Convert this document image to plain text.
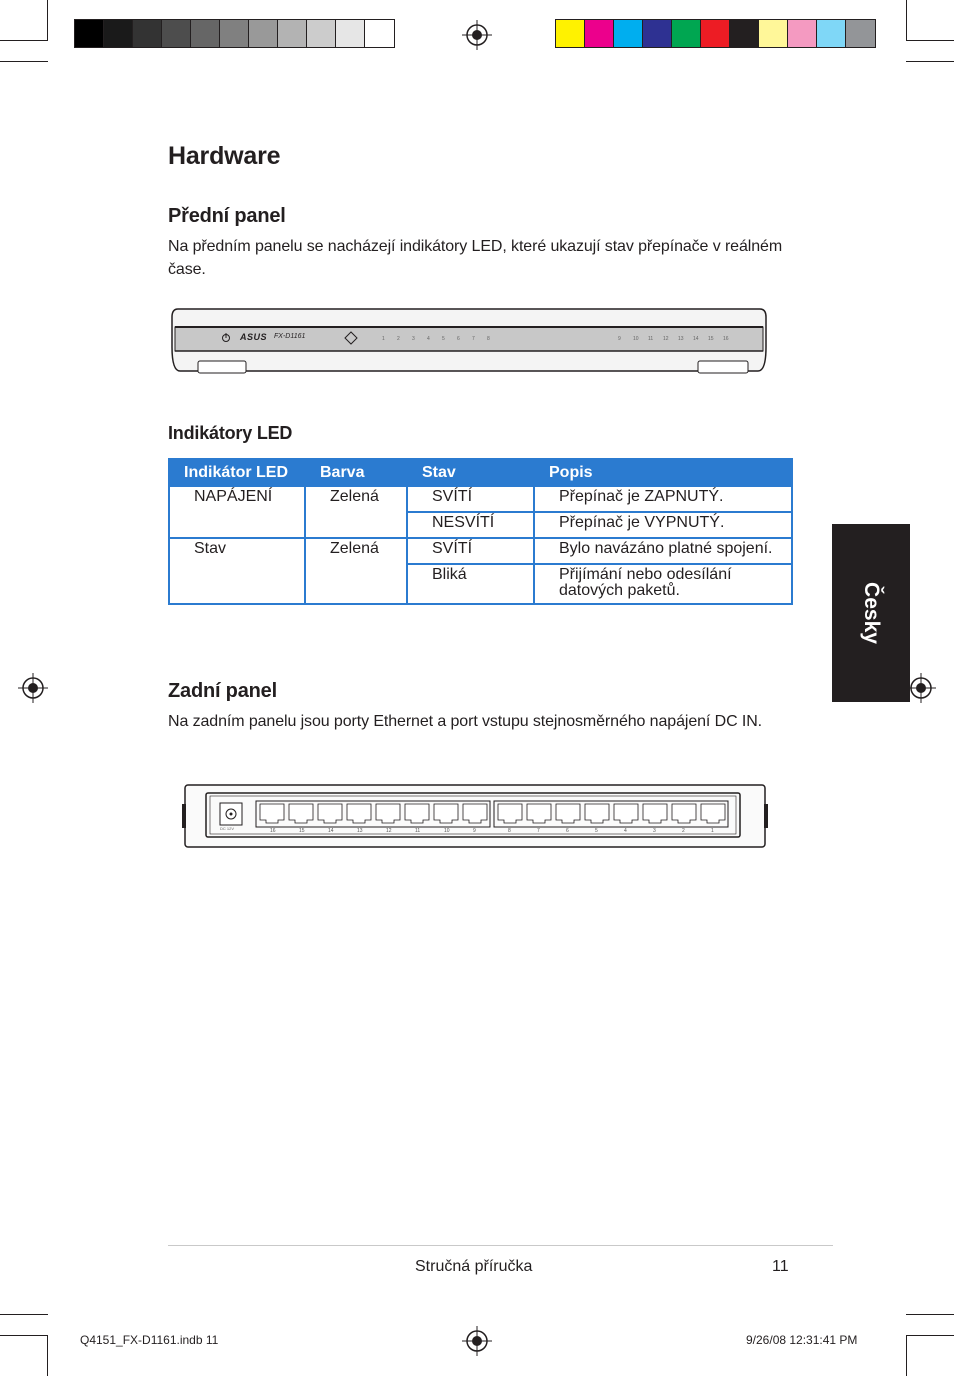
Hardware
Přední panel

Na předním panelu se nacházejí indikátory LED, které ukazují stav přepínače v reálném čase.

ASUS FX-D1161	1	2	3	4	5	6	7	8	9	10 11 12 13 14 15 16
Indikátory LED
Indikátor LED	Barva	Stav	Popis
NAPÁJENÍ	Zelená	SVÍTÍ	Přepínač je ZAPNUTÝ.
		NESVÍTÍ	Přepínač je VYPNUTÝ.
Stav	Zelená	SVÍTÍ	Bylo navázáno platné spojení.
		Bliká	Přijímání nebo odesílání datových paketů.	Česky
Zadní panel

Na zadním panelu jsou porty Ethernet a port vstupu stejnosměrného napájení DC IN.

DC 12V	16	15	14	13	12	11	10	9	8	7	6	5	4	3	2	1
Stručná příručka	11
Q4151_FX-D1161.indb 11	9/26/08 12:31:41 PM
